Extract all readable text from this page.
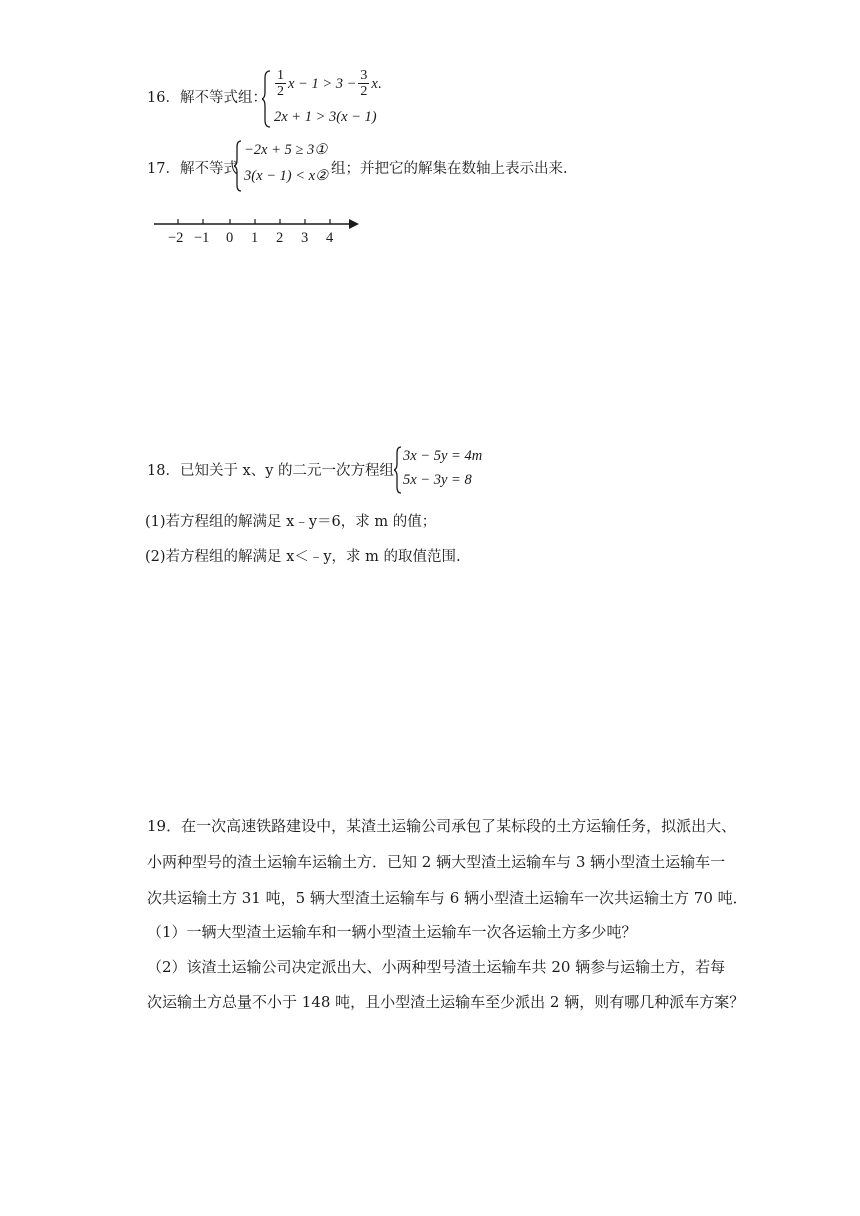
16．解不等式组： $\frac{1}{2}$ $x - 1 > 3 - \frac{3}{2} x$.
2x + 1 > 3(x − 1)
17．解不等式
−2x + 5 ≥ 3①
3(x − 1) < x② 组；并把它的解集在数轴上表示出来.
−2 −1 0 1 2 3 4
18．已知关于 x、y 的二元一次方程组
3x − 5y = 4m
5x − 3y = 8
(1)若方程组的解满足 x﹣y＝6，求 m 的值；
(2)若方程组的解满足 x＜﹣y，求 m 的取值范围.
19．在一次高速铁路建设中，某渣土运输公司承包了某标段的土方运输任务，拟派出大、
小两种型号的渣土运输车运输土方．已知 2 辆大型渣土运输车与 3 辆小型渣土运输车一
次共运输土方 31 吨，5 辆大型渣土运输车与 6 辆小型渣土运输车一次共运输土方 70 吨．
（1）一辆大型渣土运输车和一辆小型渣土运输车一次各运输土方多少吨？
（2）该渣土运输公司决定派出大、小两种型号渣土运输车共 20 辆参与运输土方，若每
次运输土方总量不小于 148 吨，且小型渣土运输车至少派出 2 辆，则有哪几种派车方案？
